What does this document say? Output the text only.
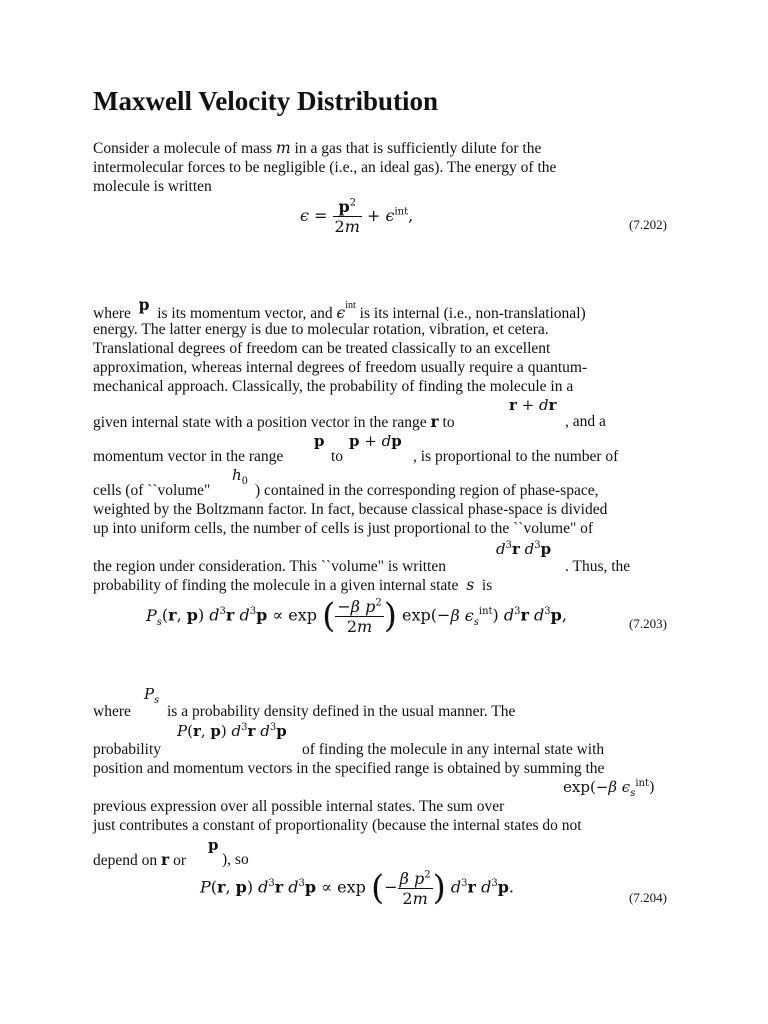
Maxwell Velocity Distribution
Consider a molecule of mass m in a gas that is sufficiently dilute for the
intermolecular forces to be negligible (i.e., an ideal gas). The energy of the
molecule is written
$\epsilon = \frac{p^2}{2m} + \epsilon^{int}$,	(7.202)
where p is its momentum vector, and $\epsilon^{int}$ is its internal (i.e., non-translational)
energy. The latter energy is due to molecular rotation, vibration, et cetera.
Translational degrees of freedom can be treated classically to an excellent
approximation, whereas internal degrees of freedom usually require a quantum-
mechanical approach. Classically, the probability of finding the molecule in a
given internal state with a position vector in the range r to
r + dr
, and a
momentum vector in the range
p
to
p + dp
, is proportional to the number of
cells (of ``volume"
$h_0$
) contained in the corresponding region of phase-space,
weighted by the Boltzmann factor. In fact, because classical phase-space is divided
up into uniform cells, the number of cells is just proportional to the ``volume" of
the region under consideration. This ``volume" is written
$d^3r$ $d^3p$
. Thus, the
probability of finding the molecule in a given internal state s is
$P_s(r$, p) $d^3r$ $d^3p \propto \exp$ ( $\frac{-\beta p^2}{2m}$ ) exp(−β $\epsilon_s^{int}$) $d^3r$ $d^3p$,	(7.203)
where
$P_s$
is a probability density defined in the usual manner. The
probability
P(r, p) $d^3r$ $d^3p$
of finding the molecule in any internal state with
position and momentum vectors in the specified range is obtained by summing the
exp(−β $\epsilon_s^{int}$)
previous expression over all possible internal states. The sum over
just contributes a constant of proportionality (because the internal states do not
depend on r or
p
), so
P(r, p) $d^3r$ $d^3p \propto \exp$ (− $\frac{\beta p^2}{2m}$ ) $d^3r$ $d^3p$.
(7.204)
